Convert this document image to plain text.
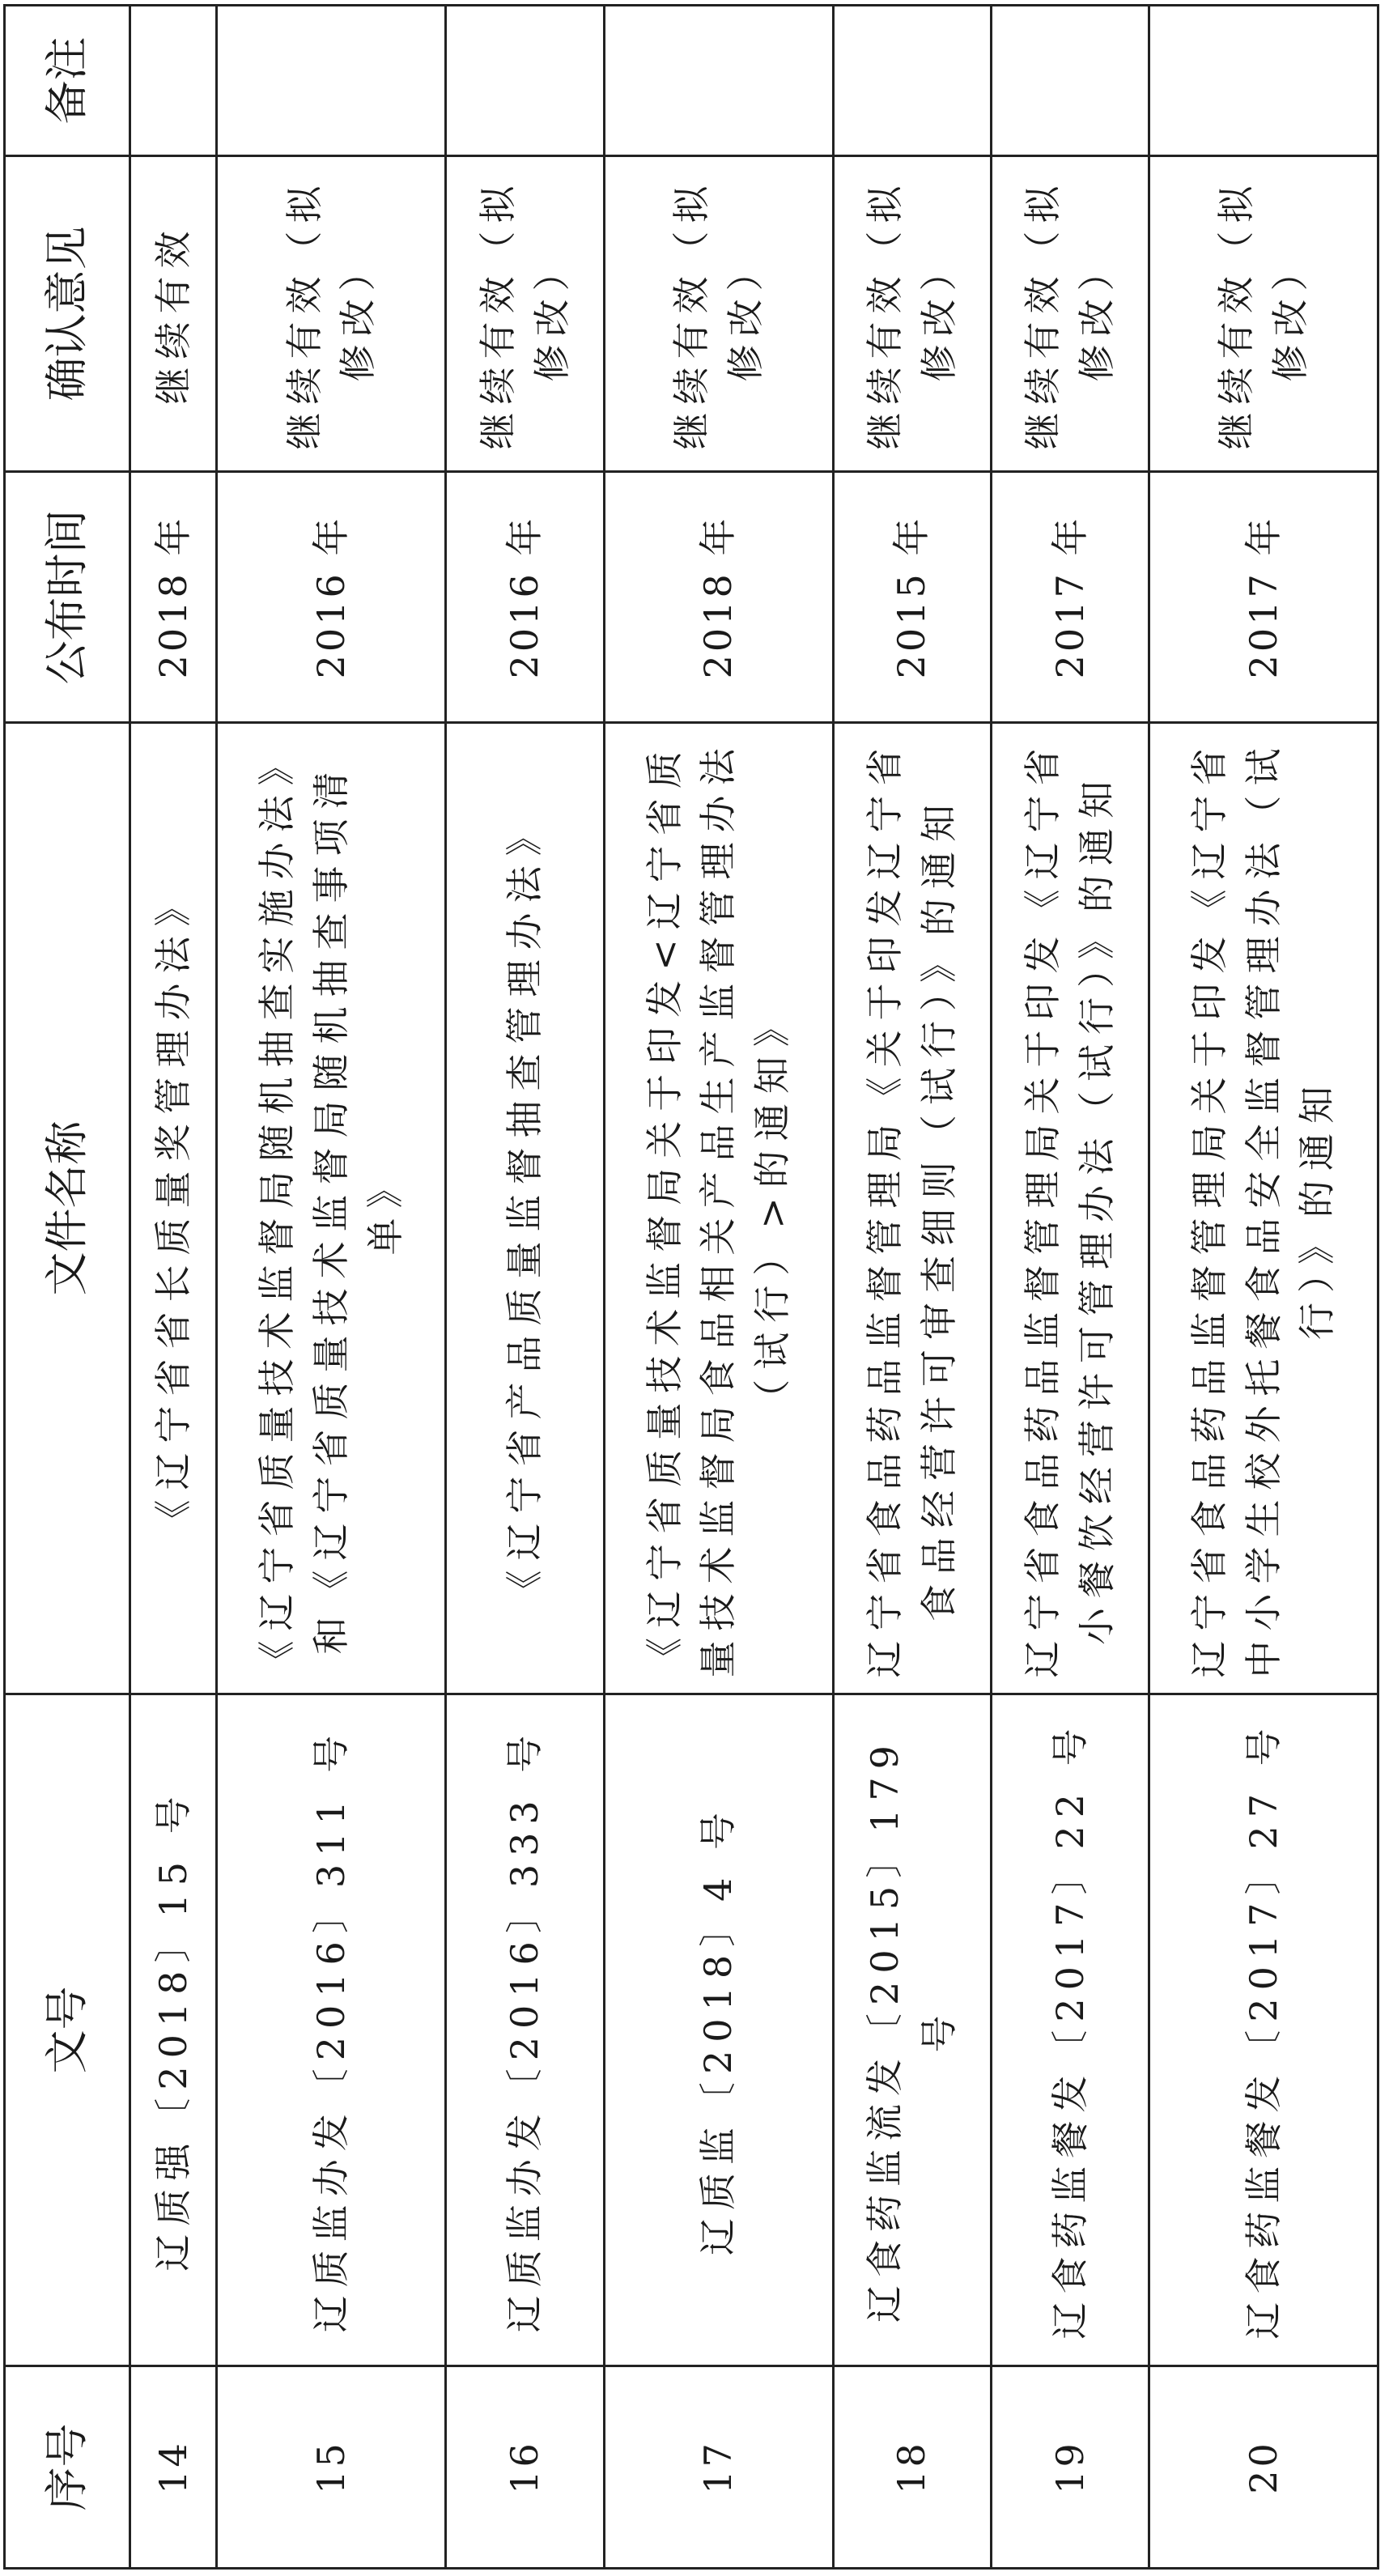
序号	文号	文件名称	公布时间	确认意见	备注
14	辽质强〔2018〕15 号	《辽宁省省长质量奖管理办法》	2018 年	继续有效	
15	辽质监办发〔2016〕311 号	《辽宁省质量技术监督局随机抽查实施办法》和《辽宁省质量技术监督局随机抽查事项清单》	2016 年	继续有效（拟修改）	
16	辽质监办发〔2016〕333 号	《辽宁省产品质量监督抽查管理办法》	2016 年	继续有效（拟修改）	
17	辽质监〔2018〕4 号	《辽宁省质量技术监督局关于印发<辽宁省质量技术监督局食品相关产品生产监督管理办法（试行）>的通知》	2018 年	继续有效（拟修改）	
18	辽食药监流发〔2015〕179 号	辽宁省食品药品监督管理局《关于印发辽宁省食品经营许可审查细则（试行）》的通知	2015 年	继续有效（拟修改）	
19	辽食药监餐发〔2017〕22 号	辽宁省食品药品监督管理局关于印发《辽宁省小餐饮经营许可管理办法（试行）》的通知	2017 年	继续有效（拟修改）	
20	辽食药监餐发〔2017〕27 号	辽宁省食品药品监督管理局关于印发《辽宁省中小学生校外托餐食品安全监督管理办法（试行）》的通知	2017 年	继续有效（拟修改）	
